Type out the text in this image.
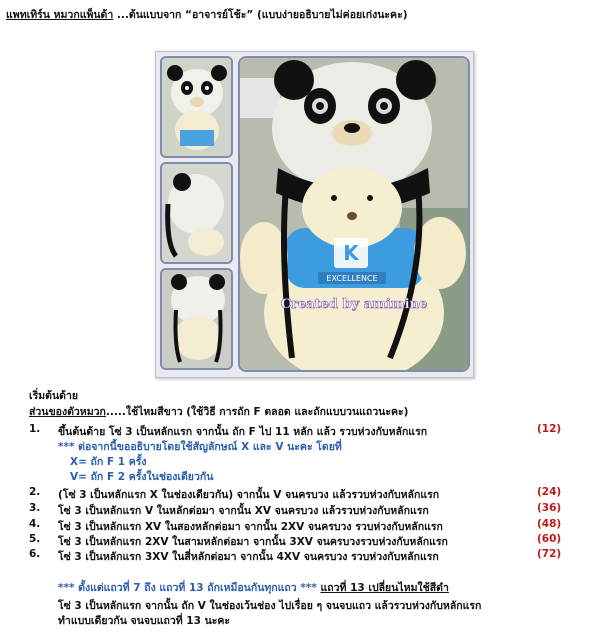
แพทเทิร์น หมวกแพ็นด้า ...ต้นแบบจาก “อาจารย์โช้ะ” (แบบง่ายอธิบายไม่ค่อยเก่งนะคะ)
K
EXCELLENCE
Created by amimine
เริ่มต้นด้าย
ส่วนของตัวหมวก.....ใช้ไหมสีขาว (ใช้วิธี การถัก F ตลอด และถักแบบวนแถวนะคะ)
1. ขึ้นต้นด้าย โซ่ 3 เป็นหลักแรก จากนั้น ถัก F ไป 11 หลัก แล้ว รวบห่วงกับหลักแรก	(12)
*** ต่อจากนี้ขออธิบายโดยใช้สัญลักษณ์ X และ V นะคะ โดยที่
X= ถัก F 1 ครั้ง
V= ถัก F 2 ครั้งในช่องเดียวกัน
2. (โซ่ 3 เป็นหลักแรก X ในช่องเดียวกัน) จากนั้น V จนครบวง แล้วรวบห่วงกับหลักแรก	(24)
3. โซ่ 3 เป็นหลักแรก V ในหลักต่อมา จากนั้น XV จนครบวง แล้วรวบห่วงกับหลักแรก	(36)
4. โซ่ 3 เป็นหลักแรก XV ในสองหลักต่อมา จากนั้น 2XV จนครบวง รวบห่วงกับหลักแรก	(48)
5. โซ่ 3 เป็นหลักแรก 2XV ในสามหลักต่อมา จากนั้น 3XV จนครบวงรวบห่วงกับหลักแรก	(60)
6. โซ่ 3 เป็นหลักแรก 3XV ในสี่หลักต่อมา จากนั้น 4XV จนครบวง รวบห่วงกับหลักแรก	(72)
*** ตั้งแต่แถวที่ 7 ถึง แถวที่ 13 ถักเหมือนกันทุกแถว *** แถวที่ 13 เปลี่ยนไหมใช้สีดำ
โซ่ 3 เป็นหลักแรก จากนั้น ถัก V ในช่องเว้นช่อง ไปเรื่อย ๆ จนจบแถว แล้วรวบห่วงกับหลักแรก
ทำแบบเดียวกัน จนจบแถวที่ 13 นะคะ
